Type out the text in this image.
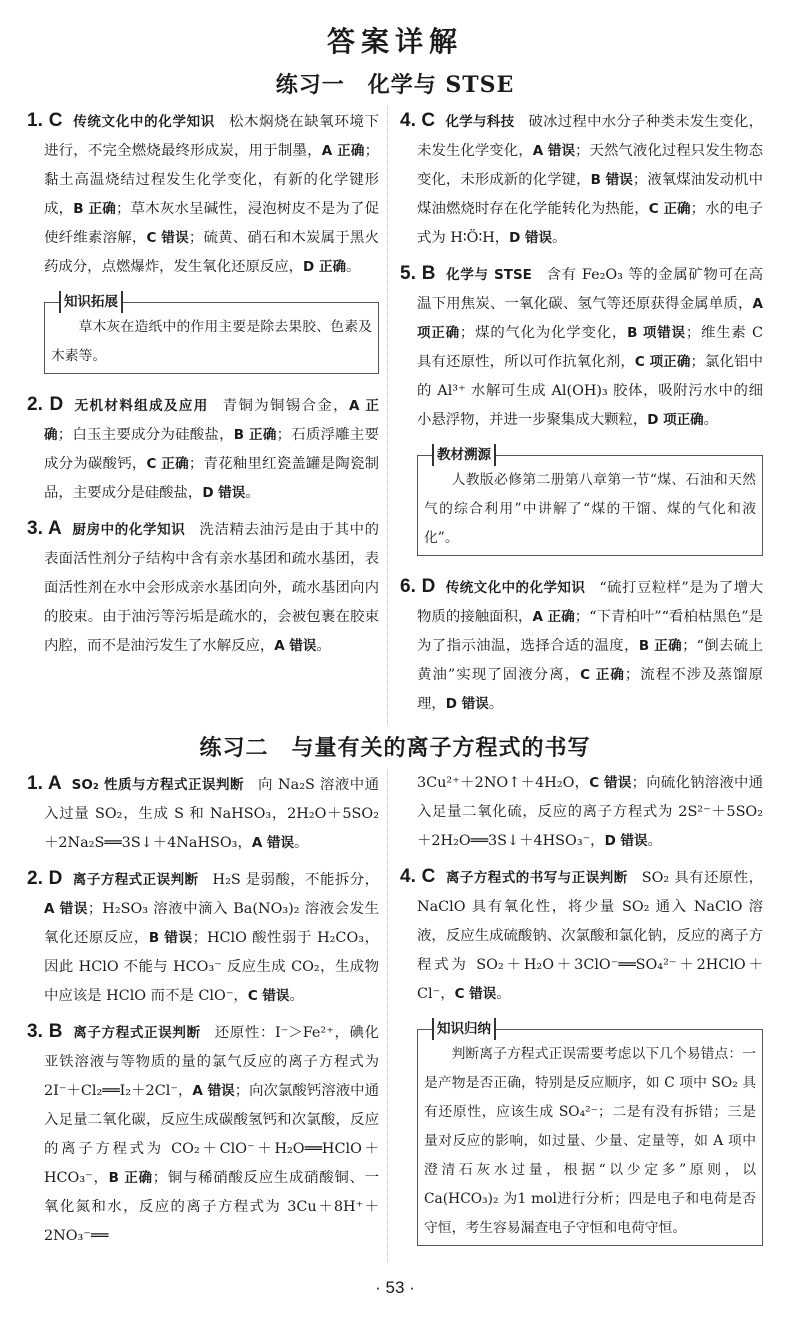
答案详解
练习一　化学与 STSE
1. C 传统文化中的化学知识 松木焖烧在缺氧环境下进行，不完全燃烧最终形成炭，用于制墨，A 正确；黏土高温烧结过程发生化学变化，有新的化学键形成，B 正确；草木灰水呈碱性，浸泡树皮不是为了促使纤维素溶解，C 错误；硫黄、硝石和木炭属于黑火药成分，点燃爆炸，发生氧化还原反应，D 正确。
知识拓展
草木灰在造纸中的作用主要是除去果胶、色素及木素等。
2. D 无机材料组成及应用 青铜为铜锡合金，A 正确；白玉主要成分为硅酸盐，B 正确；石质浮雕主要成分为碳酸钙，C 正确；青花釉里红瓷盖罐是陶瓷制品，主要成分是硅酸盐，D 错误。
3. A 厨房中的化学知识 洗洁精去油污是由于其中的表面活性剂分子结构中含有亲水基团和疏水基团，表面活性剂在水中会形成亲水基团向外，疏水基团向内的胶束。由于油污等污垢是疏水的，会被包裹在胶束内腔，而不是油污发生了水解反应，A 错误。
4. C 化学与科技 破冰过程中水分子种类未发生变化，未发生化学变化，A 错误；天然气液化过程只发生物态变化，未形成新的化学键，B 错误；液氧煤油发动机中煤油燃烧时存在化学能转化为热能，C 正确；水的电子式为 H∶Ö∶H，D 错误。
5. B 化学与 STSE 含有 Fe₂O₃ 等的金属矿物可在高温下用焦炭、一氧化碳、氢气等还原获得金属单质，A 项正确；煤的气化为化学变化，B 项错误；维生素 C 具有还原性，所以可作抗氧化剂，C 项正确；氯化铝中的 Al³⁺ 水解可生成 Al(OH)₃ 胶体，吸附污水中的细小悬浮物，并进一步聚集成大颗粒，D 项正确。
教材溯源
人教版必修第二册第八章第一节“煤、石油和天然气的综合利用”中讲解了“煤的干馏、煤的气化和液化”。
6. D 传统文化中的化学知识 “硫打豆粒样”是为了增大物质的接触面积，A 正确；“下青柏叶”“看柏枯黑色”是为了指示油温，选择合适的温度，B 正确；“倒去硫上黄油”实现了固液分离，C 正确；流程不涉及蒸馏原理，D 错误。
练习二　与量有关的离子方程式的书写
1. A SO₂ 性质与方程式正误判断 向 Na₂S 溶液中通入过量 SO₂，生成 S 和 NaHSO₃，2H₂O＋5SO₂＋2Na₂S══3S↓＋4NaHSO₃，A 错误。
2. D 离子方程式正误判断 H₂S 是弱酸，不能拆分，A 错误；H₂SO₃ 溶液中滴入 Ba(NO₃)₂ 溶液会发生氧化还原反应，B 错误；HClO 酸性弱于 H₂CO₃，因此 HClO 不能与 HCO₃⁻ 反应生成 CO₂，生成物中应该是 HClO 而不是 ClO⁻，C 错误。
3. B 离子方程式正误判断 还原性：I⁻＞Fe²⁺，碘化亚铁溶液与等物质的量的氯气反应的离子方程式为 2I⁻＋Cl₂══I₂＋2Cl⁻，A 错误；向次氯酸钙溶液中通入足量二氧化碳，反应生成碳酸氢钙和次氯酸，反应的离子方程式为 CO₂＋ClO⁻＋H₂O══HClO＋HCO₃⁻，B 正确；铜与稀硝酸反应生成硝酸铜、一氧化氮和水，反应的离子方程式为 3Cu＋8H⁺＋2NO₃⁻══
3Cu²⁺＋2NO↑＋4H₂O，C 错误；向硫化钠溶液中通入足量二氧化硫，反应的离子方程式为 2S²⁻＋5SO₂＋2H₂O══3S↓＋4HSO₃⁻，D 错误。
4. C 离子方程式的书写与正误判断 SO₂ 具有还原性，NaClO 具有氧化性，将少量 SO₂ 通入 NaClO 溶液，反应生成硫酸钠、次氯酸和氯化钠，反应的离子方程式为 SO₂＋H₂O＋3ClO⁻══SO₄²⁻＋2HClO＋Cl⁻，C 错误。
知识归纳
判断离子方程式正误需要考虑以下几个易错点：一是产物是否正确，特别是反应顺序，如 C 项中 SO₂ 具有还原性，应该生成 SO₄²⁻；二是有没有拆错；三是量对反应的影响，如过量、少量、定量等，如 A 项中澄清石灰水过量，根据“以少定多”原则，以 Ca(HCO₃)₂ 为1 mol进行分析；四是电子和电荷是否守恒，考生容易漏查电子守恒和电荷守恒。
· 53 ·
